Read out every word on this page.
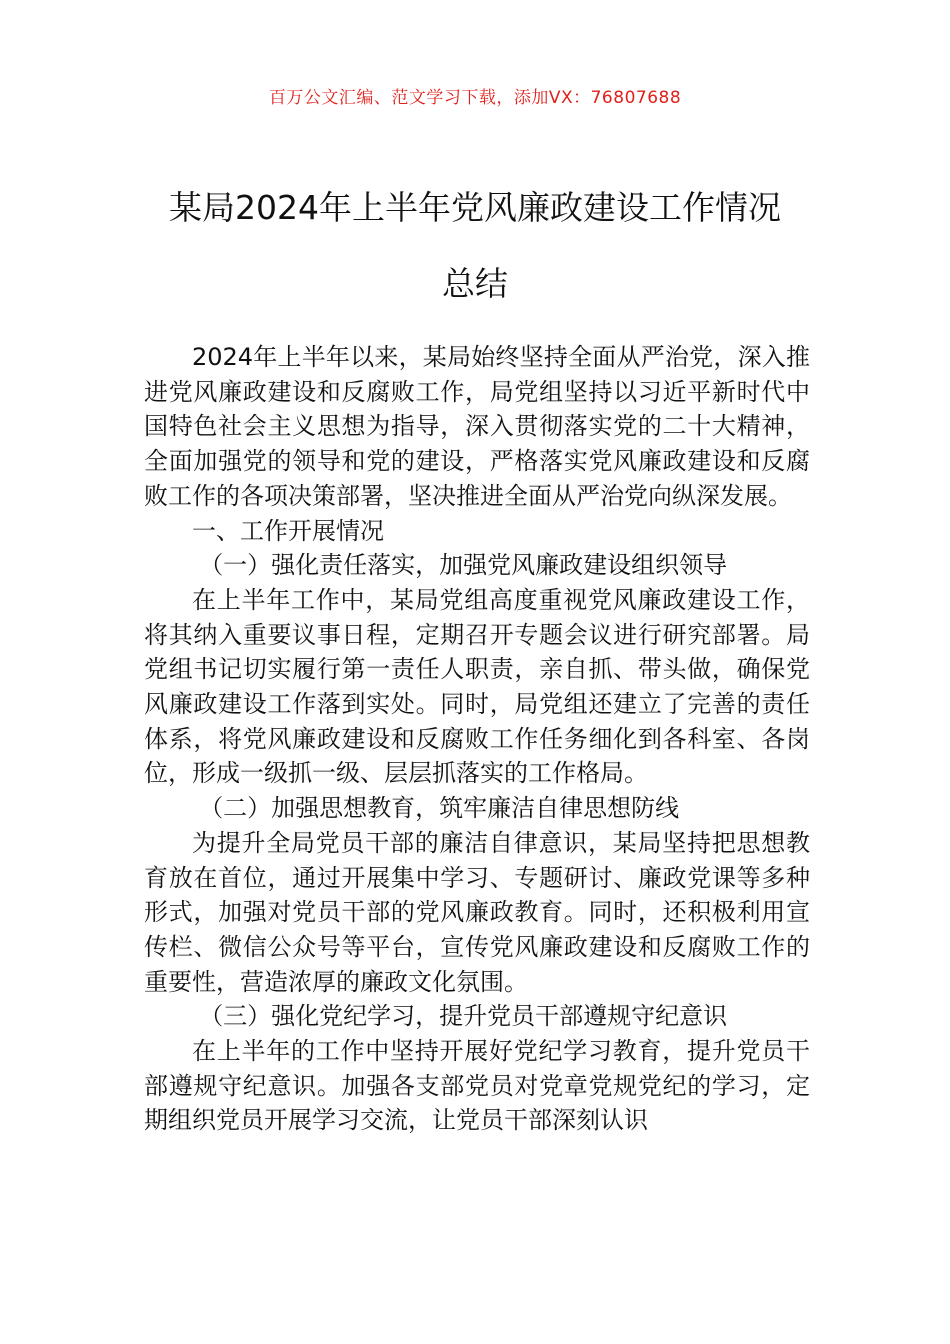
百万公文汇编、范文学习下载，添加VX：76807688
某局2024年上半年党风廉政建设工作情况
总结

2024年上半年以来，某局始终坚持全面从严治党，深入推进党风廉政建设和反腐败工作，局党组坚持以习近平新时代中国特色社会主义思想为指导，深入贯彻落实党的二十大精神，全面加强党的领导和党的建设，严格落实党风廉政建设和反腐败工作的各项决策部署，坚决推进全面从严治党向纵深发展。

一、工作开展情况

（一）强化责任落实，加强党风廉政建设组织领导

在上半年工作中，某局党组高度重视党风廉政建设工作，将其纳入重要议事日程，定期召开专题会议进行研究部署。局党组书记切实履行第一责任人职责，亲自抓、带头做，确保党风廉政建设工作落到实处。同时，局党组还建立了完善的责任体系，将党风廉政建设和反腐败工作任务细化到各科室、各岗位，形成一级抓一级、层层抓落实的工作格局。

（二）加强思想教育，筑牢廉洁自律思想防线

为提升全局党员干部的廉洁自律意识，某局坚持把思想教育放在首位，通过开展集中学习、专题研讨、廉政党课等多种形式，加强对党员干部的党风廉政教育。同时，还积极利用宣传栏、微信公众号等平台，宣传党风廉政建设和反腐败工作的重要性，营造浓厚的廉政文化氛围。

（三）强化党纪学习，提升党员干部遵规守纪意识

在上半年的工作中坚持开展好党纪学习教育，提升党员干部遵规守纪意识。加强各支部党员对党章党规党纪的学习，定期组织党员开展学习交流，让党员干部深刻认识
